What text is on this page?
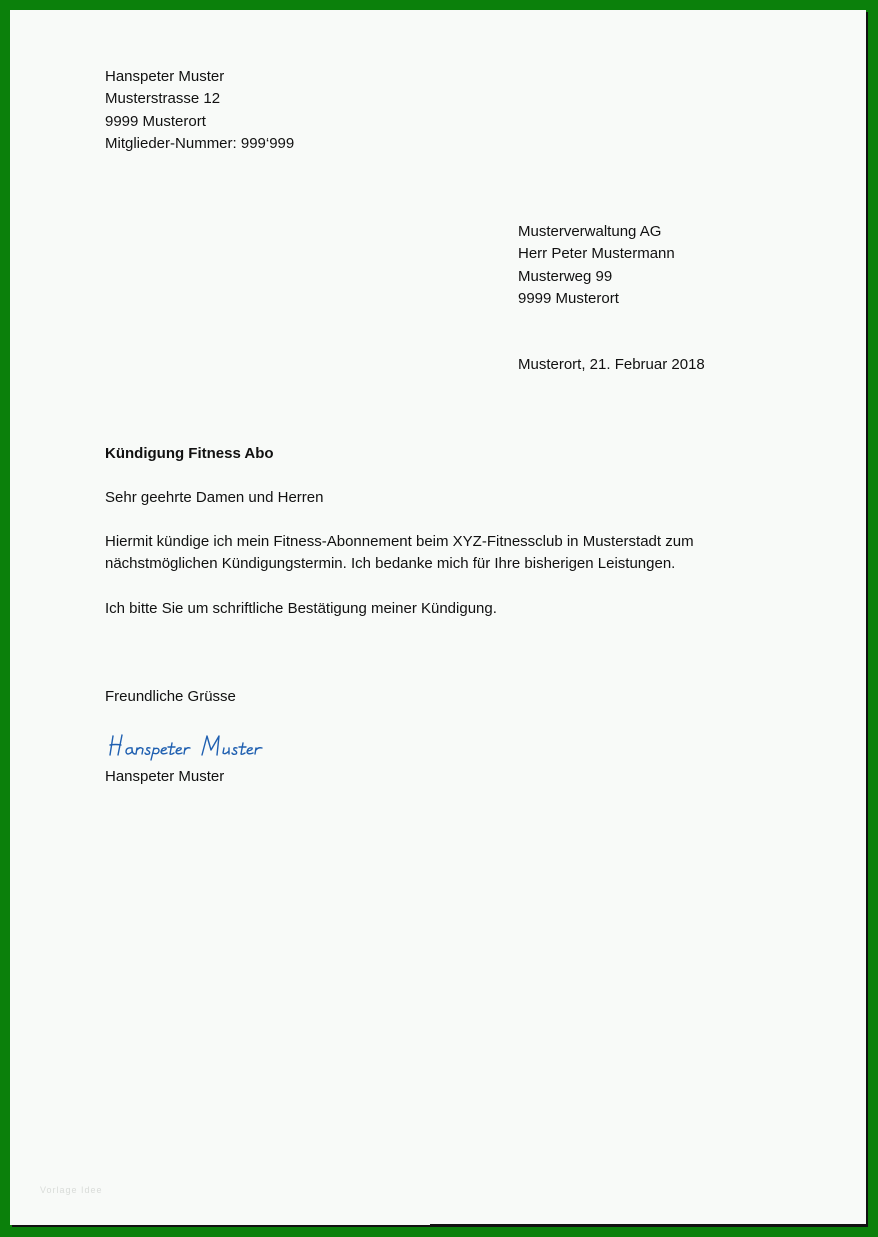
Hanspeter Muster
Musterstrasse 12
9999 Musterort
Mitglieder-Nummer: 999‘999
Musterverwaltung AG
Herr Peter Mustermann
Musterweg 99
9999 Musterort
Musterort, 21. Februar 2018
Kündigung Fitness Abo
Sehr geehrte Damen und Herren
Hiermit kündige ich mein Fitness-Abonnement beim XYZ-Fitnessclub in Musterstadt zum
nächstmöglichen Kündigungstermin. Ich bedanke mich für Ihre bisherigen Leistungen.
Ich bitte Sie um schriftliche Bestätigung meiner Kündigung.
Freundliche Grüsse
Hanspeter Muster
Vorlage Idee
